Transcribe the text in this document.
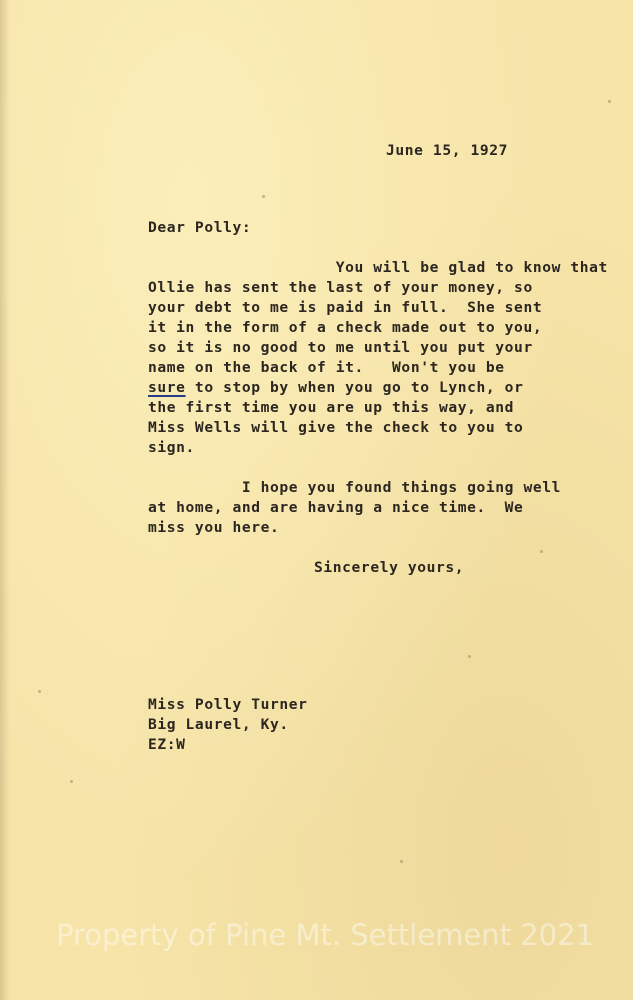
June 15, 1927

Dear Polly:

You will be glad to know that

Ollie has sent the last of your money, so

your debt to me is paid in full.  She sent

it in the form of a check made out to you,

so it is no good to me until you put your

name on the back of it.   Won't you be

sure to stop by when you go to Lynch, or

the first time you are up this way, and

Miss Wells will give the check to you to

sign.

I hope you found things going well

at home, and are having a nice time.  We

miss you here.

Sincerely yours,

Miss Polly Turner

Big Laurel, Ky.

EZ:W

Property of Pine Mt. Settlement 2021
